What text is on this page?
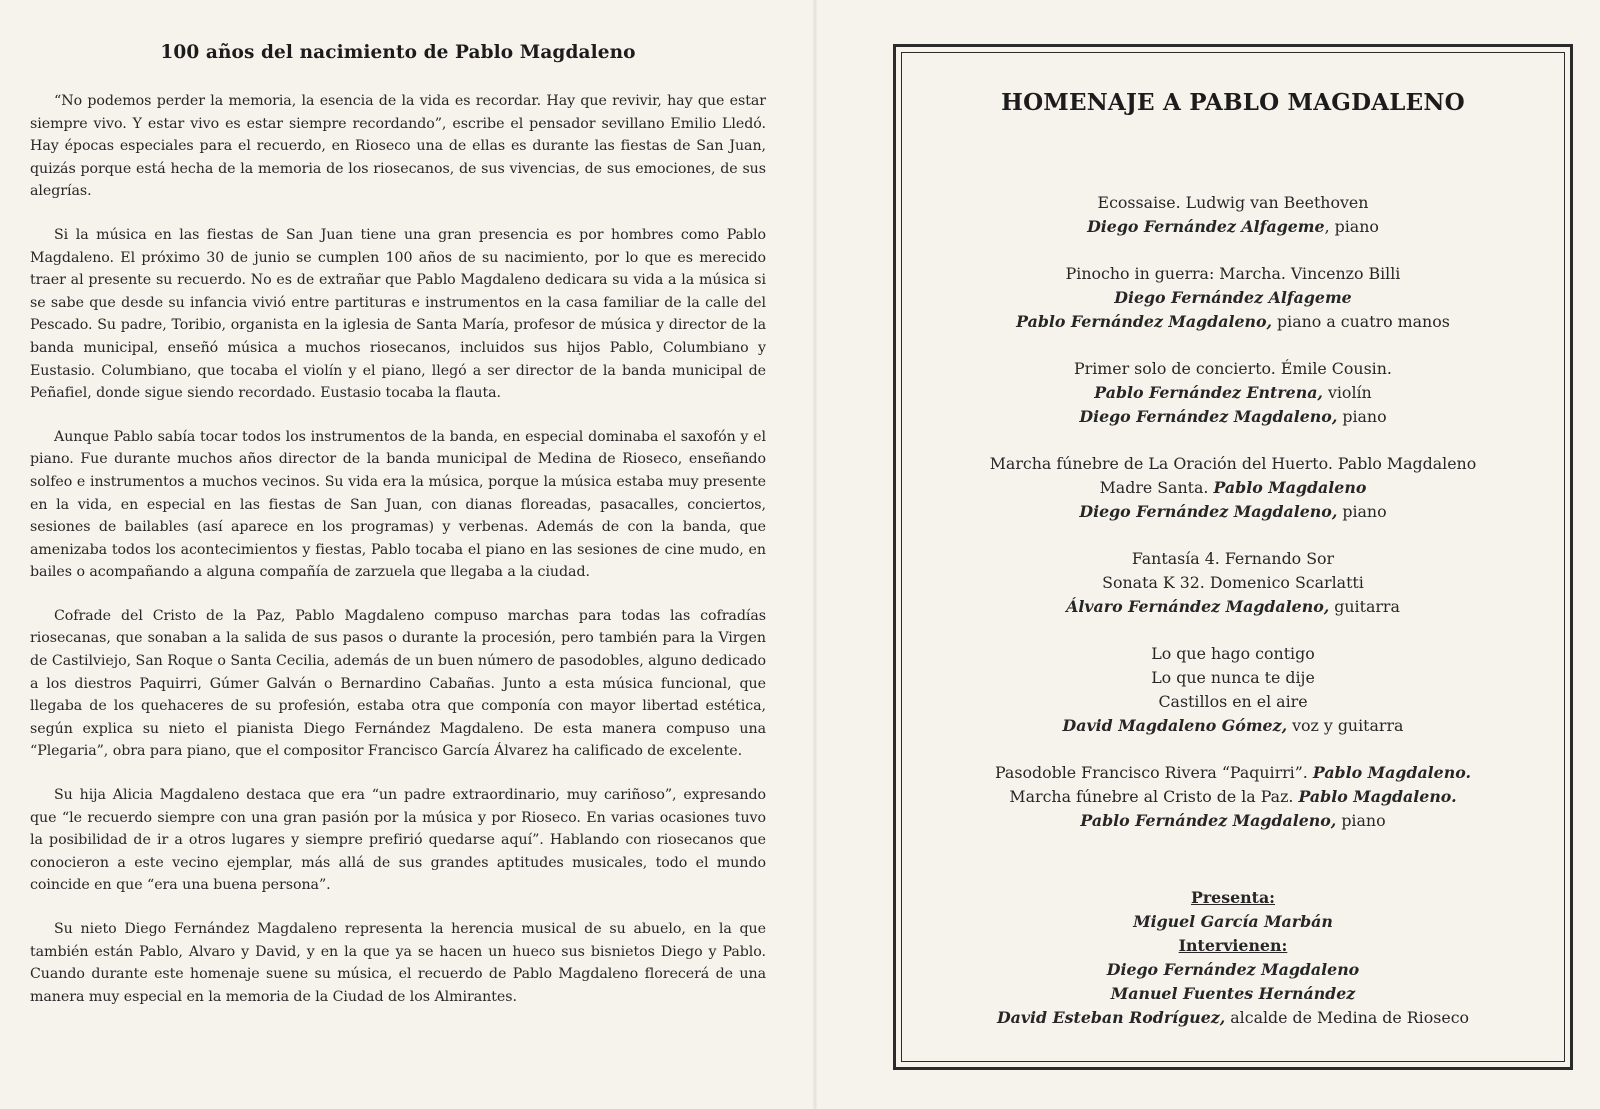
100 años del nacimiento de Pablo Magdaleno

“No podemos perder la memoria, la esencia de la vida es recordar. Hay que revivir, hay que estar siempre vivo. Y estar vivo es estar siempre recordando”, escribe el pensador sevillano Emilio Lledó. Hay épocas especiales para el recuerdo, en Rioseco una de ellas es durante las fiestas de San Juan, quizás porque está hecha de la memoria de los riosecanos, de sus vivencias, de sus emociones, de sus alegrías.

Si la música en las fiestas de San Juan tiene una gran presencia es por hombres como Pablo Magdaleno. El próximo 30 de junio se cumplen 100 años de su nacimiento, por lo que es merecido traer al presente su recuerdo. No es de extrañar que Pablo Magdaleno dedicara su vida a la música si se sabe que desde su infancia vivió entre partituras e instrumentos en la casa familiar de la calle del Pescado. Su padre, Toribio, organista en la iglesia de Santa María, profesor de música y director de la banda municipal, enseñó música a muchos riosecanos, incluidos sus hijos Pablo, Columbiano y Eustasio. Columbiano, que tocaba el violín y el piano, llegó a ser director de la banda municipal de Peñafiel, donde sigue siendo recordado. Eustasio tocaba la flauta.

Aunque Pablo sabía tocar todos los instrumentos de la banda, en especial dominaba el saxofón y el piano. Fue durante muchos años director de la banda municipal de Medina de Rioseco, enseñando solfeo e instrumentos a muchos vecinos. Su vida era la música, porque la música estaba muy presente en la vida, en especial en las fiestas de San Juan, con dianas floreadas, pasacalles, conciertos, sesiones de bailables (así aparece en los programas) y verbenas. Además de con la banda, que amenizaba todos los acontecimientos y fiestas, Pablo tocaba el piano en las sesiones de cine mudo, en bailes o acompañando a alguna compañía de zarzuela que llegaba a la ciudad.

Cofrade del Cristo de la Paz, Pablo Magdaleno compuso marchas para todas las cofradías riosecanas, que sonaban a la salida de sus pasos o durante la procesión, pero también para la Virgen de Castilviejo, San Roque o Santa Cecilia, además de un buen número de pasodobles, alguno dedicado a los diestros Paquirri, Gúmer Galván o Bernardino Cabañas. Junto a esta música funcional, que llegaba de los quehaceres de su profesión, estaba otra que componía con mayor libertad estética, según explica su nieto el pianista Diego Fernández Magdaleno. De esta manera compuso una “Plegaria”, obra para piano, que el compositor Francisco García Álvarez ha calificado de excelente.

Su hija Alicia Magdaleno destaca que era “un padre extraordinario, muy cariñoso”, expresando que “le recuerdo siempre con una gran pasión por la música y por Rioseco. En varias ocasiones tuvo la posibilidad de ir a otros lugares y siempre prefirió quedarse aquí”. Hablando con riosecanos que conocieron a este vecino ejemplar, más allá de sus grandes aptitudes musicales, todo el mundo coincide en que “era una buena persona”.

Su nieto Diego Fernández Magdaleno representa la herencia musical de su abuelo, en la que también están Pablo, Alvaro y David, y en la que ya se hacen un hueco sus bisnietos Diego y Pablo. Cuando durante este homenaje suene su música, el recuerdo de Pablo Magdaleno florecerá de una manera muy especial en la memoria de la Ciudad de los Almirantes.

HOMENAJE A PABLO MAGDALENO
Ecossaise. Ludwig van Beethoven
Diego Fernández Alfageme, piano
Pinocho in guerra: Marcha. Vincenzo Billi
Diego Fernández Alfageme
Pablo Fernández Magdaleno, piano a cuatro manos
Primer solo de concierto. Émile Cousin.
Pablo Fernández Entrena, violín
Diego Fernández Magdaleno, piano
Marcha fúnebre de La Oración del Huerto. Pablo Magdaleno
Madre Santa. Pablo Magdaleno
Diego Fernández Magdaleno, piano
Fantasía 4. Fernando Sor
Sonata K 32. Domenico Scarlatti
Álvaro Fernández Magdaleno, guitarra
Lo que hago contigo
Lo que nunca te dije
Castillos en el aire
David Magdaleno Gómez, voz y guitarra
Pasodoble Francisco Rivera “Paquirri”. Pablo Magdaleno.
Marcha fúnebre al Cristo de la Paz. Pablo Magdaleno.
Pablo Fernández Magdaleno, piano
Presenta:
Miguel García Marbán
Intervienen:
Diego Fernández Magdaleno
Manuel Fuentes Hernández
David Esteban Rodríguez, alcalde de Medina de Rioseco
